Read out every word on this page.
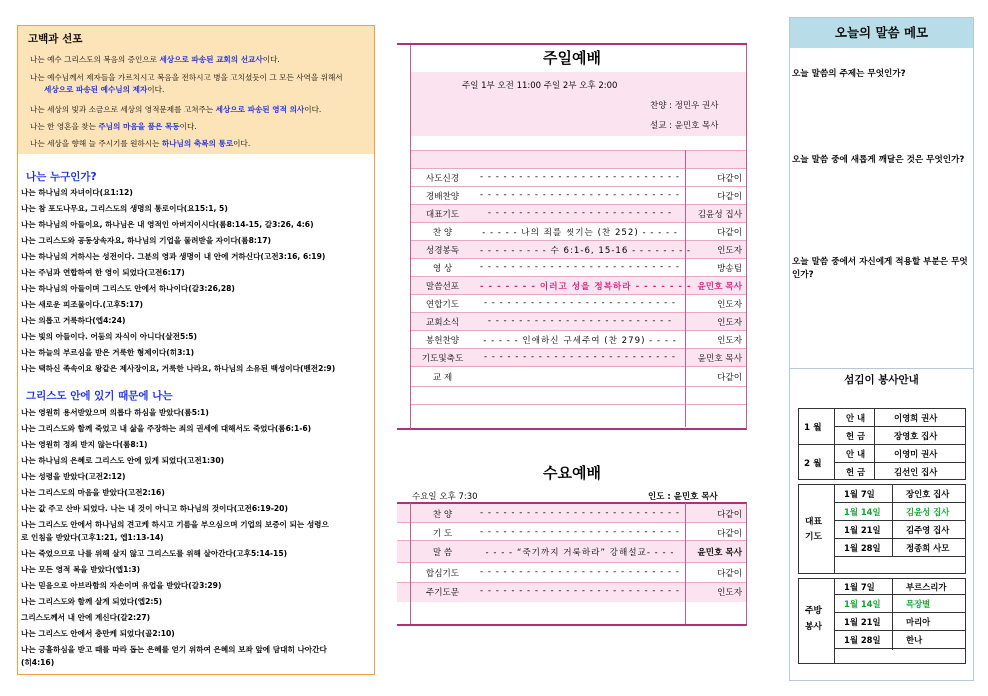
고백과 선포
나는 예수 그리스도의 복음의 증인으로 세상으로 파송된 교회의 선교사이다.
나는 예수님께서 제자들을 가르치시고 복음을 전하시고 병을 고치셨듯이 그 모든 사역을 위해서
세상으로 파송된 예수님의 제자이다.
나는 세상의 빛과 소금으로 세상의 영적문제를 고쳐주는 세상으로 파송된 영적 의사이다.
나는 한 영혼을 찾는 주님의 마음을 품은 목동이다.
나는 세상을 향해 늘 주시기를 원하시는 하나님의 축복의 통로이다.
나는 누구인가?
나는 하나님의 자녀이다(요1:12)
나는 참 포도나무요, 그리스도의 생명의 통로이다(요15:1, 5)
나는 하나님의 아들이요, 하나님은 내 영적인 아버지이시다(롬8:14-15, 갈3:26, 4:6)
나는 그리스도와 공동상속자요, 하나님의 기업을 물려받을 자이다(롬8:17)
나는 하나님의 거하시는 성전이다. 그분의 영과 생명이 내 안에 거하신다(고전3:16, 6:19)
나는 주님과 연합하여 한 영이 되었다(고전6:17)
나는 하나님의 아들이며 그리스도 안에서 하나이다(갈3:26,28)
나는 새로운 피조물이다.(고후5:17)
나는 의롭고 거룩하다(엡4:24)
나는 빛의 아들이다. 어둠의 자식이 아니다(살전5:5)
나는 하늘의 부르심을 받은 거룩한 형제이다(히3:1)
나는 택하신 족속이요 왕같은 제사장이요, 거룩한 나라요, 하나님의 소유된 백성이다(벧전2:9)
그리스도 안에 있기 때문에 나는
나는 영원히 용서받았으며 의롭다 하심을 받았다(롬5:1)
나는 그리스도와 함께 죽었고 내 삶을 주장하는 죄의 권세에 대해서도 죽었다(롬6:1-6)
나는 영원히 정죄 받지 않는다(롬8:1)
나는 하나님의 은혜로 그리스도 안에 있게 되었다(고전1:30)
나는 성령을 받았다(고전2:12)
나는 그리스도의 마음을 받았다(고전2:16)
나는 값 주고 산바 되었다. 나는 내 것이 아니고 하나님의 것이다(고전6:19-20)
나는 그리스도 안에서 하나님의 견고케 하시고 기름을 부으심으며 기업의 보증이 되는 성령으
로 인침을 받았다(고후1:21, 엡1:13-14)
나는 죽었으므로 나를 위해 살지 않고 그리스도를 위해 살아간다(고후5:14-15)
나는 모든 영적 복을 받았다(엡1:3)
나는 믿음으로 아브라함의 자손이며 유업을 받았다(갈3:29)
나는 그리스도와 함께 살게 되었다(엡2:5)
그리스도께서 내 안에 계신다(갈2:27)
나는 그리스도 안에서 충만케 되었다(골2:10)
나는 긍휼하심을 받고 때를 따라 돕는 은혜를 얻기 위하여 은혜의 보좌 앞에 담대히 나아간다
(히4:16)
주일예배
주일 1부 오전 11:00 주일 2부 오후 2:00
찬양 : 정민우 권사
설교 : 윤민호 목사
사도신경	- - - - - - - - - - - - - - - - - - - - - - - - - -	다같이
경배찬양	- - - - - - - - - - - - - - - - - - - - - - - - - -	다같이
대표기도	- - - - - - - - - - - - - - - - - - - - - - - -	김윤성 집사
찬 양	- - - - - 나의 죄를 씻기는 (찬 252) - - - - -	다같이
성경봉독	- - - - - - - - - 수 6:1-6, 15-16 - - - - - - - -	인도자
영 상	- - - - - - - - - - - - - - - - - - - - - - - - - -	방송팀
말씀선포	- - - - - - - 이러고 성을 정복하라 - - - - - - - 윤민호 목사
연합기도	- - - - - - - - - - - - - - - - - - - - - - - - -	인도자
교회소식	- - - - - - - - - - - - - - - - - - - - - - - -	인도자
봉헌찬양	- - - - - 인애하신 구세주여 (찬 279) - - - -	인도자
기도및축도	- - - - - - - - - - - - - - - - - - - - - - - - -	윤민호 목사
교 제	다같이
수요예배
수요일 오후 7:30	인도 : 윤민호 목사
찬 양	- - - - - - - - - - - - - - - - - - - - - - - - - -	다같이
기 도	- - - - - - - - - - - - - - - - - - - - - - - - - -	다같이
말 씀	- - - - “죽기까지 거룩하라” 강해설교- - - -	윤민호 목사
합심기도	- - - - - - - - - - - - - - - - - - - - - - - - - -	다같이
주기도문	- - - - - - - - - - - - - - - - - - - - - - - - - -	인도자
오늘의 말씀 메모
오늘 말씀의 주제는 무엇인가?
오늘 말씀 중에 새롭게 깨달은 것은 무엇인가?
오늘 말씀 중에서 자신에게 적용할 부분은 무엇인가?
섬김이 봉사안내
1 월
안 내	이영희 권사
헌 금	장영호 집사
2 월
안 내	이영미 권사
헌 금	김선인 집사
대표
기도
1월 7일	장인호 집사
1월 14일	김윤성 집사
1월 21일	김주영 집사
1월 28일	정종희 사모
주방
봉사
1월 7일	부르스리가
1월 14일	목장별
1월 21일	마리아
1월 28일	한나
